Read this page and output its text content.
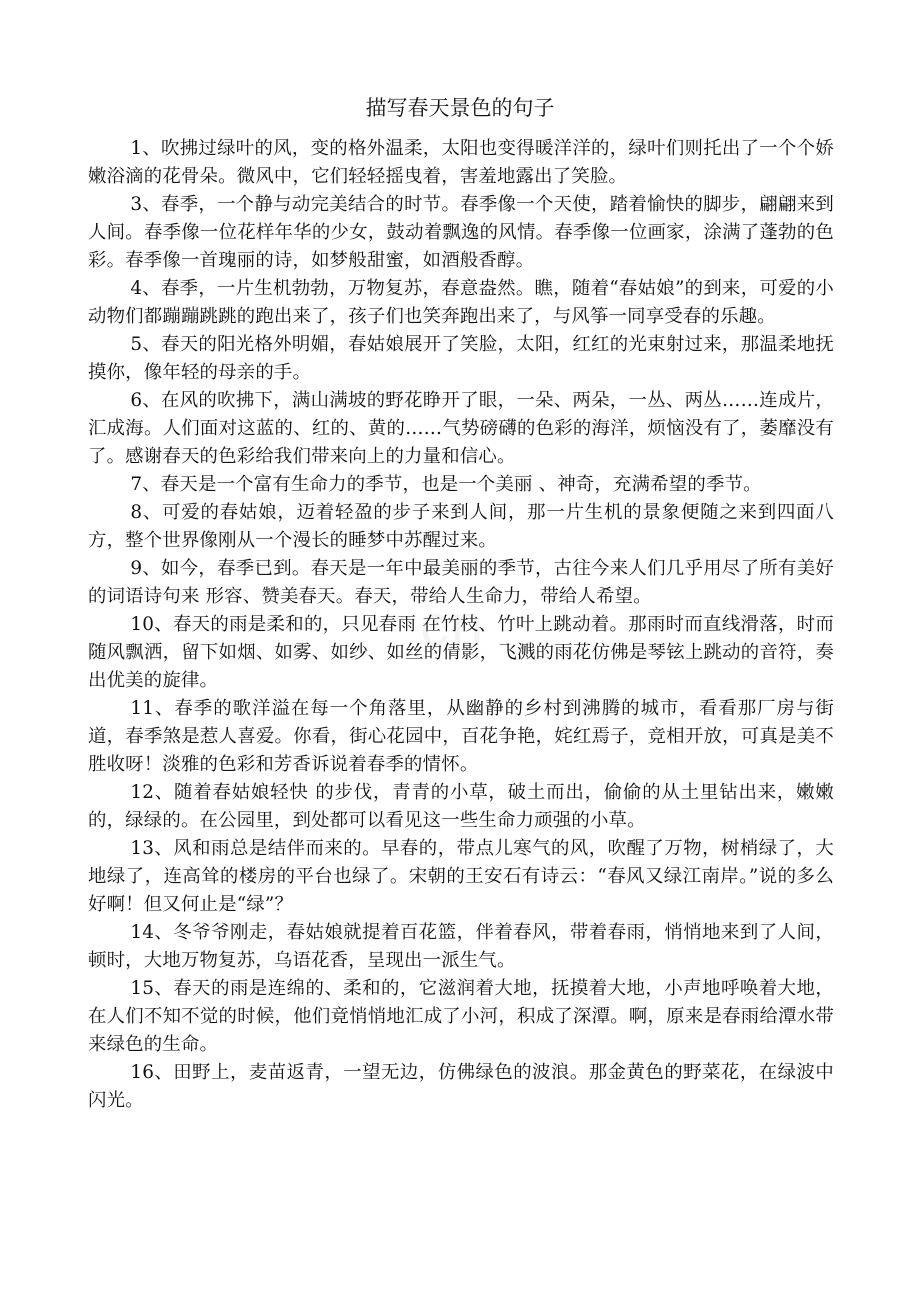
描写春天景色的句子

1、吹拂过绿叶的风，变的格外温柔，太阳也变得暖洋洋的，绿叶们则托出了一个个娇嫩浴滴的花骨朵。微风中，它们轻轻摇曳着，害羞地露出了笑脸。

3、春季，一个静与动完美结合的时节。春季像一个天使，踏着愉快的脚步，翩翩来到人间。春季像一位花样年华的少女，鼓动着飘逸的风情。春季像一位画家，涂满了蓬勃的色彩。春季像一首瑰丽的诗，如梦般甜蜜，如酒般香醇。

4、春季，一片生机勃勃，万物复苏，春意盎然。瞧，随着“春姑娘”的到来，可爱的小动物们都蹦蹦跳跳的跑出来了，孩子们也笑奔跑出来了，与风筝一同享受春的乐趣。

5、春天的阳光格外明媚，春姑娘展开了笑脸，太阳，红红的光束射过来，那温柔地抚摸你，像年轻的母亲的手。

6、在风的吹拂下，满山满坡的野花睁开了眼，一朵、两朵，一丛、两丛……连成片，汇成海。人们面对这蓝的、红的、黄的……气势磅礴的色彩的海洋，烦恼没有了，萎靡没有了。感谢春天的色彩给我们带来向上的力量和信心。

7、春天是一个富有生命力的季节，也是一个美丽 、神奇，充满希望的季节。

8、可爱的春姑娘，迈着轻盈的步子来到人间，那一片生机的景象便随之来到四面八方，整个世界像刚从一个漫长的睡梦中苏醒过来。

9、如今，春季已到。春天是一年中最美丽的季节，古往今来人们几乎用尽了所有美好的词语诗句来 形容、赞美春天。春天，带给人生命力，带给人希望。

10、春天的雨是柔和的，只见春雨 在竹枝、竹叶上跳动着。那雨时而直线滑落，时而随风飘洒，留下如烟、如雾、如纱、如丝的倩影，飞溅的雨花仿佛是琴铉上跳动的音符，奏 出优美的旋律。

11、春季的歌洋溢在每一个角落里，从幽静的乡村到沸腾的城市，看看那厂房与街道，春季煞是惹人喜爱。你看，街心花园中，百花争艳，姹红焉子，竞相开放，可真是美不胜收呀！淡雅的色彩和芳香诉说着春季的情怀。

12、随着春姑娘轻快 的步伐，青青的小草，破土而出，偷偷的从土里钻出来，嫩嫩的，绿绿的。在公园里，到处都可以看见这一些生命力顽强的小草。

13、风和雨总是结伴而来的。早春的，带点儿寒气的风，吹醒了万物，树梢绿了，大地绿了，连高耸的楼房的平台也绿了。宋朝的王安石有诗云：“春风又绿江南岸。”说的多么好啊！但又何止是“绿”？

14、冬爷爷刚走，春姑娘就提着百花篮，伴着春风，带着春雨，悄悄地来到了人间，顿时，大地万物复苏，乌语花香，呈现出一派生气。

15、春天的雨是连绵的、柔和的，它滋润着大地，抚摸着大地，小声地呼唤着大地，在人们不知不觉的时候，他们竟悄悄地汇成了小河，积成了深潭。啊，原来是春雨给潭水带来绿色的生命。

16、田野上，麦苗返青，一望无边，仿佛绿色的波浪。那金黄色的野菜花，在绿波中闪光。
